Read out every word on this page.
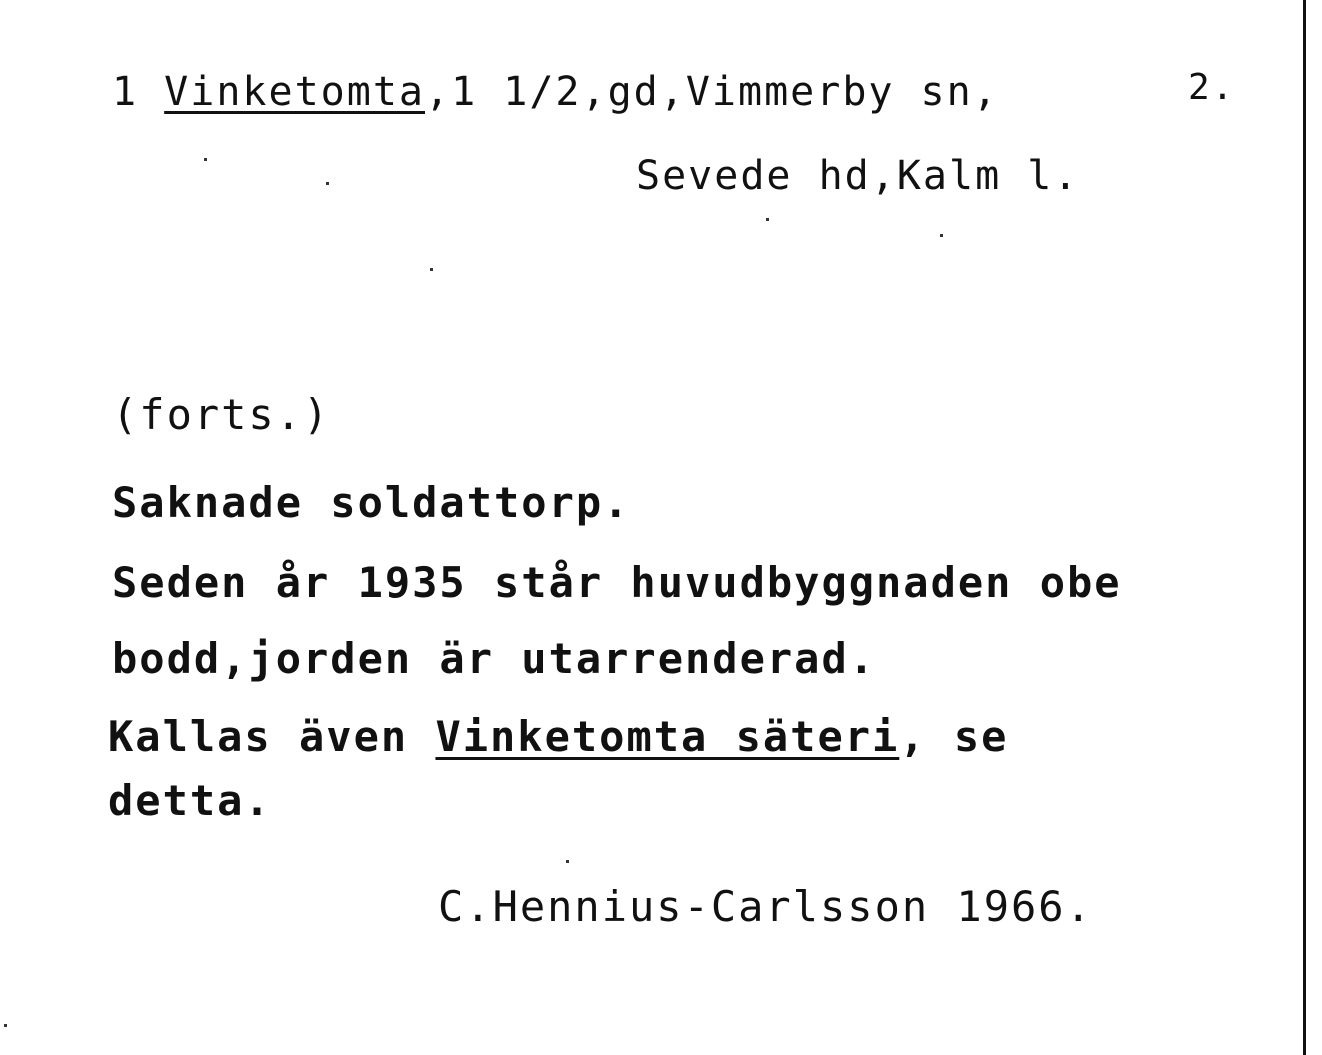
1 Vinketomta,1 1/2,gd,Vimmerby sn,	2.
Sevede hd,Kalm l.
(forts.)
Saknade soldattorp.
Seden år 1935 står huvudbyggnaden obe
bodd,jorden är utarrenderad.
Kallas även Vinketomta säteri, se
detta.
C.Hennius-Carlsson 1966.
